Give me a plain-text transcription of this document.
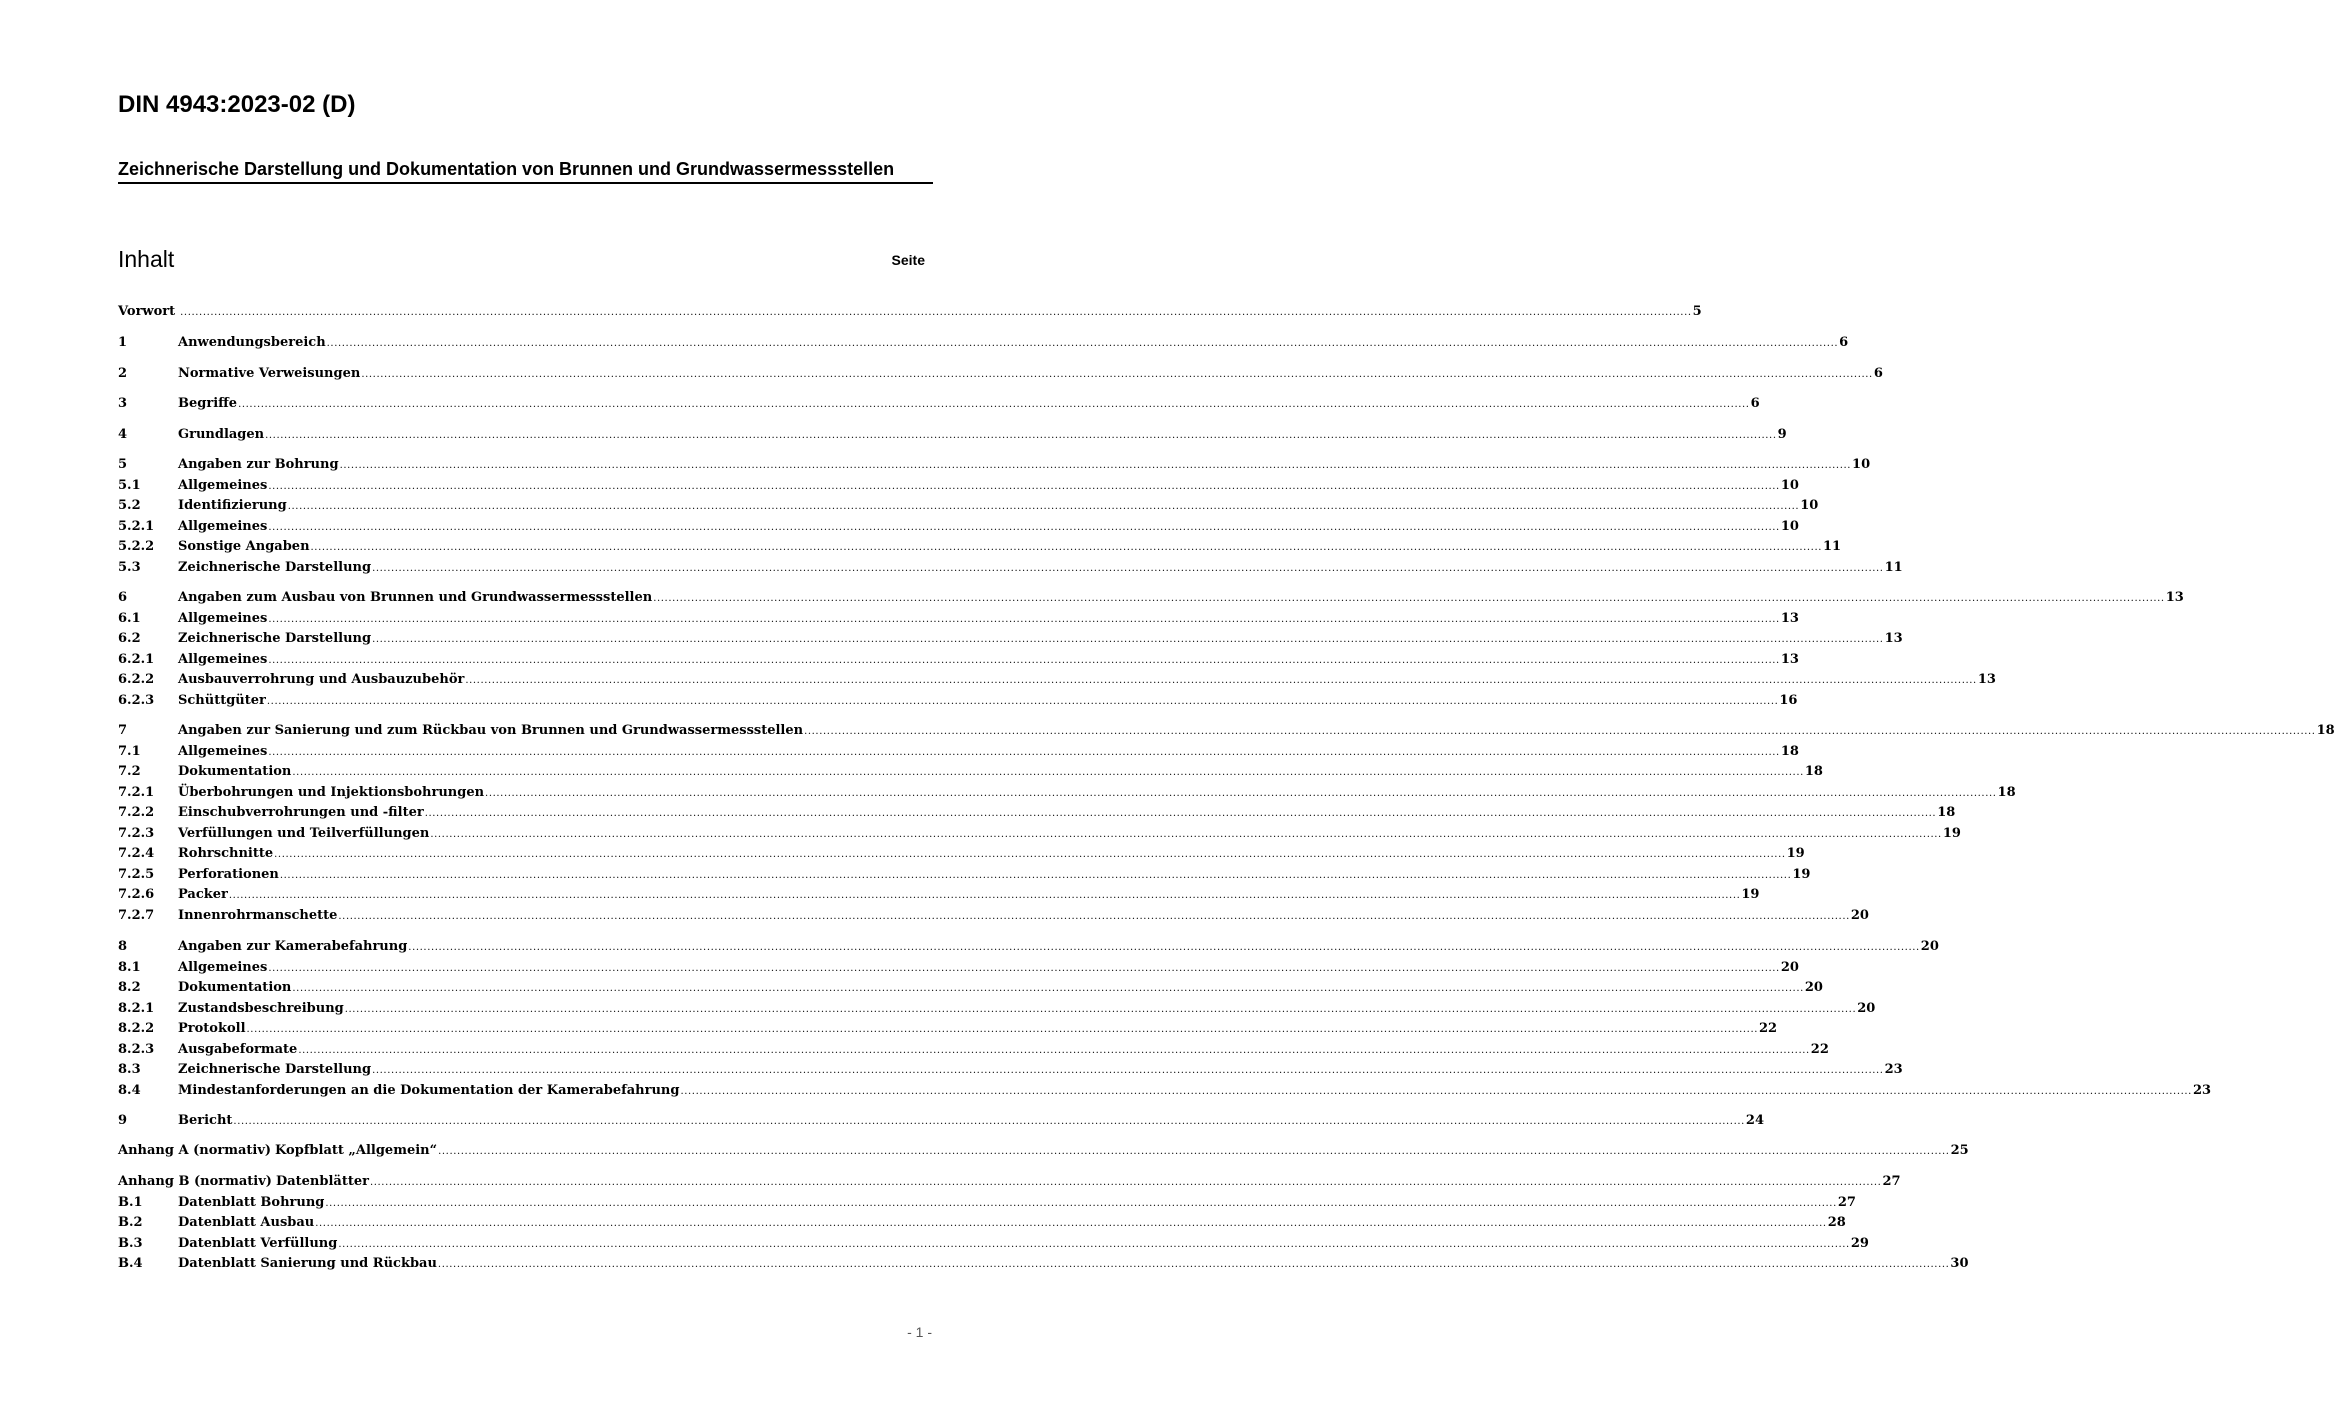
DIN 4943:2023-02 (D)
Zeichnerische Darstellung und Dokumentation von Brunnen und Grundwassermessstellen
Inhalt	Seite
Vorwort ................................................................................................................................................................................................................................................................................................................................................................................................................ 5
1	Anwendungsbereich ................................................................................................................................................................................................................................................................................................................................................................................................................ 6
2	Normative Verweisungen ................................................................................................................................................................................................................................................................................................................................................................................................................ 6
3	Begriffe ................................................................................................................................................................................................................................................................................................................................................................................................................ 6
4	Grundlagen ................................................................................................................................................................................................................................................................................................................................................................................................................ 9
5	Angaben zur Bohrung ................................................................................................................................................................................................................................................................................................................................................................................................................ 10
5.1	Allgemeines ................................................................................................................................................................................................................................................................................................................................................................................................................ 10
5.2	Identifizierung ................................................................................................................................................................................................................................................................................................................................................................................................................ 10
5.2.1	Allgemeines ................................................................................................................................................................................................................................................................................................................................................................................................................ 10
5.2.2	Sonstige Angaben ................................................................................................................................................................................................................................................................................................................................................................................................................ 11
5.3	Zeichnerische Darstellung ................................................................................................................................................................................................................................................................................................................................................................................................................ 11
6	Angaben zum Ausbau von Brunnen und Grundwassermessstellen ................................................................................................................................................................................................................................................................................................................................................................................................................ 13
6.1	Allgemeines ................................................................................................................................................................................................................................................................................................................................................................................................................ 13
6.2	Zeichnerische Darstellung ................................................................................................................................................................................................................................................................................................................................................................................................................ 13
6.2.1	Allgemeines ................................................................................................................................................................................................................................................................................................................................................................................................................ 13
6.2.2	Ausbauverrohrung und Ausbauzubehör ................................................................................................................................................................................................................................................................................................................................................................................................................ 13
6.2.3	Schüttgüter ................................................................................................................................................................................................................................................................................................................................................................................................................ 16
7	Angaben zur Sanierung und zum Rückbau von Brunnen und Grundwassermessstellen ................................................................................................................................................................................................................................................................................................................................................................................................................ 18
7.1	Allgemeines ................................................................................................................................................................................................................................................................................................................................................................................................................ 18
7.2	Dokumentation ................................................................................................................................................................................................................................................................................................................................................................................................................ 18
7.2.1	Überbohrungen und Injektionsbohrungen ................................................................................................................................................................................................................................................................................................................................................................................................................ 18
7.2.2	Einschubverrohrungen und -filter ................................................................................................................................................................................................................................................................................................................................................................................................................ 18
7.2.3	Verfüllungen und Teilverfüllungen ................................................................................................................................................................................................................................................................................................................................................................................................................ 19
7.2.4	Rohrschnitte ................................................................................................................................................................................................................................................................................................................................................................................................................ 19
7.2.5	Perforationen ................................................................................................................................................................................................................................................................................................................................................................................................................ 19
7.2.6	Packer ................................................................................................................................................................................................................................................................................................................................................................................................................ 19
7.2.7	Innenrohrmanschette ................................................................................................................................................................................................................................................................................................................................................................................................................ 20
8	Angaben zur Kamerabefahrung ................................................................................................................................................................................................................................................................................................................................................................................................................ 20
8.1	Allgemeines ................................................................................................................................................................................................................................................................................................................................................................................................................ 20
8.2	Dokumentation ................................................................................................................................................................................................................................................................................................................................................................................................................ 20
8.2.1	Zustandsbeschreibung ................................................................................................................................................................................................................................................................................................................................................................................................................ 20
8.2.2	Protokoll ................................................................................................................................................................................................................................................................................................................................................................................................................ 22
8.2.3	Ausgabeformate ................................................................................................................................................................................................................................................................................................................................................................................................................ 22
8.3	Zeichnerische Darstellung ................................................................................................................................................................................................................................................................................................................................................................................................................ 23
8.4	Mindestanforderungen an die Dokumentation der Kamerabefahrung ................................................................................................................................................................................................................................................................................................................................................................................................................ 23
9	Bericht ................................................................................................................................................................................................................................................................................................................................................................................................................ 24
Anhang A (normativ) Kopfblatt „Allgemein“ ................................................................................................................................................................................................................................................................................................................................................................................................................ 25
Anhang B (normativ) Datenblätter ................................................................................................................................................................................................................................................................................................................................................................................................................ 27
B.1	Datenblatt Bohrung ................................................................................................................................................................................................................................................................................................................................................................................................................ 27
B.2	Datenblatt Ausbau ................................................................................................................................................................................................................................................................................................................................................................................................................ 28
B.3	Datenblatt Verfüllung ................................................................................................................................................................................................................................................................................................................................................................................................................ 29
B.4	Datenblatt Sanierung und Rückbau ................................................................................................................................................................................................................................................................................................................................................................................................................ 30
- 1 -
